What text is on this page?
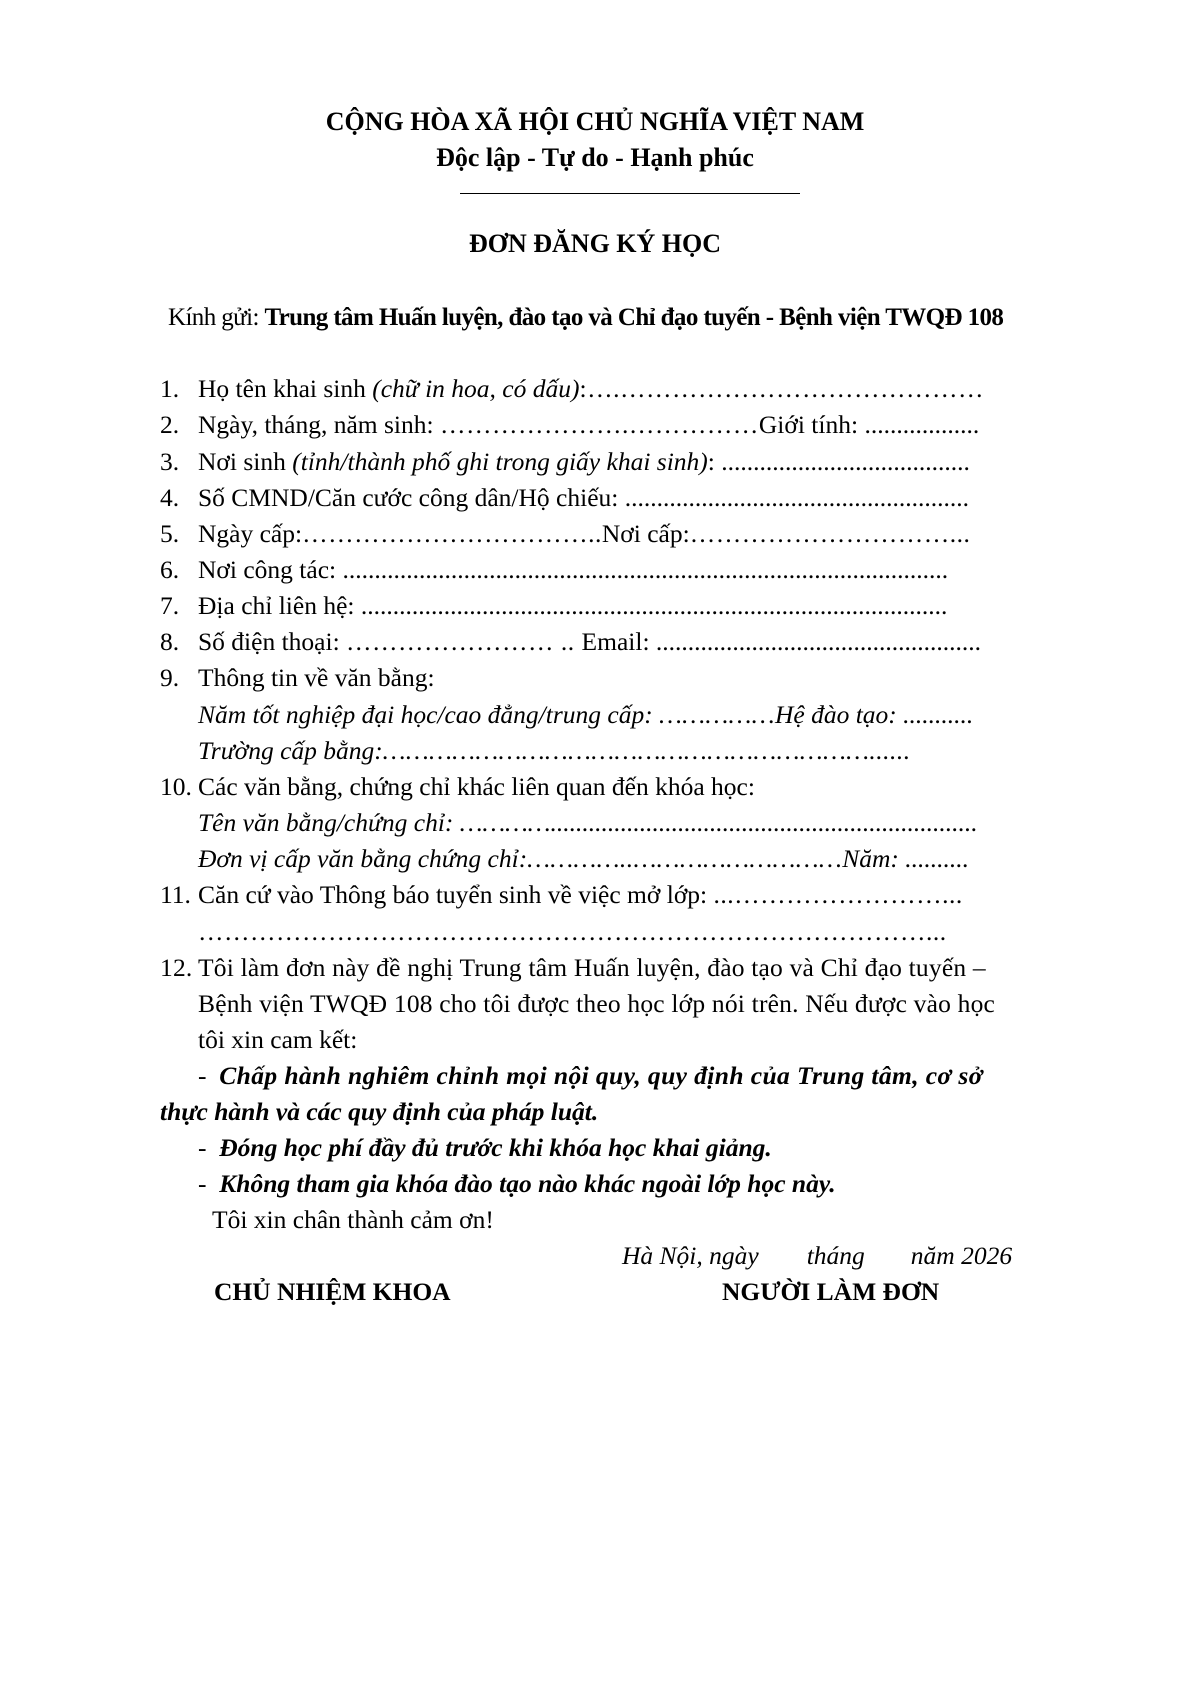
CỘNG HÒA XÃ HỘI CHỦ NGHĨA VIỆT NAM
Độc lập - Tự do - Hạnh phúc
ĐƠN ĐĂNG KÝ HỌC
Kính gửi: Trung tâm Huấn luyện, đào tạo và Chỉ đạo tuyến - Bệnh viện TWQĐ 108
1. Họ tên khai sinh (chữ in hoa, có dấu):….……………………………………
2. Ngày, tháng, năm sinh: ………………….……………Giới tính: ..................
3. Nơi sinh (tỉnh/thành phố ghi trong giấy khai sinh): .......................................
4. Số CMND/Căn cước công dân/Hộ chiếu: ......................................................
5. Ngày cấp:……………………………..Nơi cấp:…………………………...
6. Nơi công tác: ...............................................................................................
7. Địa chỉ liên hệ: ............................................................................................
8. Số điện thoại: …………………… .. Email: ...................................................
9. Thông tin về văn bằng:
Năm tốt nghiệp đại học/cao đẳng/trung cấp: ……………Hệ đào tạo: ...........
Trường cấp bằng:………………………………………………………......
10. Các văn bằng, chứng chỉ khác liên quan đến khóa học:
Tên văn bằng/chứng chỉ: …………...................................................................
Đơn vị cấp văn bằng chứng chỉ:…………..………………………Năm: ..........
11. Căn cứ vào Thông báo tuyển sinh về việc mở lớp: ...……………………...
…………………………………………………………………………...
12. Tôi làm đơn này đề nghị Trung tâm Huấn luyện, đào tạo và Chỉ đạo tuyến –
Bệnh viện TWQĐ 108 cho tôi được theo học lớp nói trên. Nếu được vào học
tôi xin cam kết:
- Chấp hành nghiêm chỉnh mọi nội quy, quy định của Trung tâm, cơ sở
thực hành và các quy định của pháp luật.
- Đóng học phí đầy đủ trước khi khóa học khai giảng.
- Không tham gia khóa đào tạo nào khác ngoài lớp học này.
Tôi xin chân thành cảm ơn!
Hà Nội, ngày tháng năm 2026
CHỦ NHIỆM KHOA	NGƯỜI LÀM ĐƠN
